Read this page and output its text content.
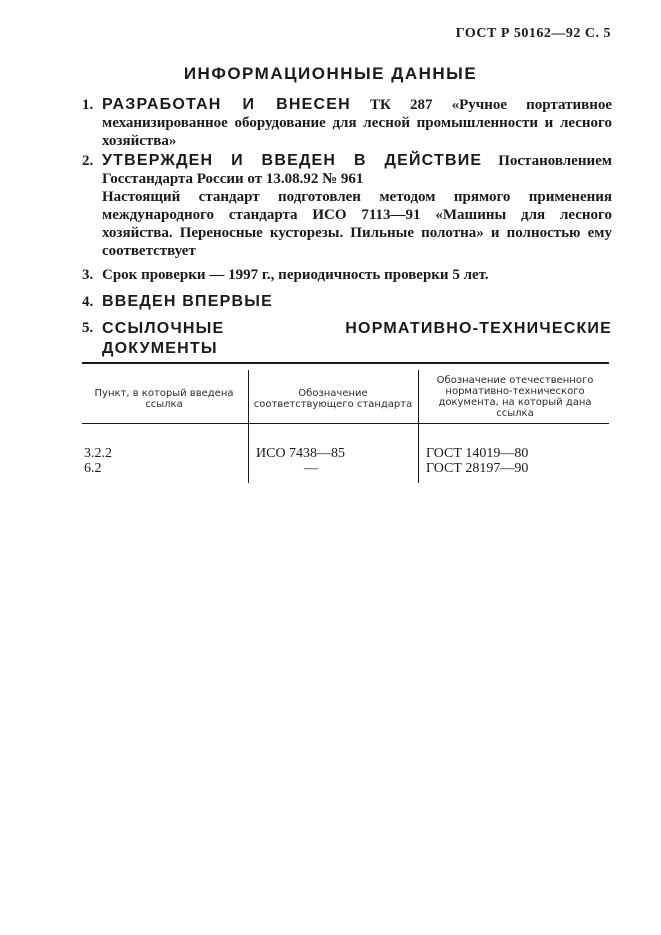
ГОСТ Р 50162—92 С. 5
ИНФОРМАЦИОННЫЕ ДАННЫЕ
1. РАЗРАБОТАН И ВНЕСЕН ТК 287 «Ручное портативное механизированное оборудование для лесной промышленности и лесного хозяйства»
2. УТВЕРЖДЕН И ВВЕДЕН В ДЕЙСТВИЕ Постановлением Госстандарта России от 13.08.92 № 961
Настоящий стандарт подготовлен методом прямого применения международного стандарта ИСО 7113—91 «Машины для лесного хозяйства. Переносные кусторезы. Пильные полотна» и полностью ему соответствует
3. Срок проверки — 1997 г., периодичность проверки 5 лет.
4. ВВЕДЕН ВПЕРВЫЕ
5. ССЫЛОЧНЫЕ НОРМАТИВНО-ТЕХНИЧЕСКИЕ ДОКУМЕНТЫ
Пункт, в который введена ссылка
Обозначение соответствующего стандарта
Обозначение отечественного нормативно-технического документа, на который дана ссылка
3.2.2
6.2
ИСО 7438—85
—
ГОСТ 14019—80
ГОСТ 28197—90
